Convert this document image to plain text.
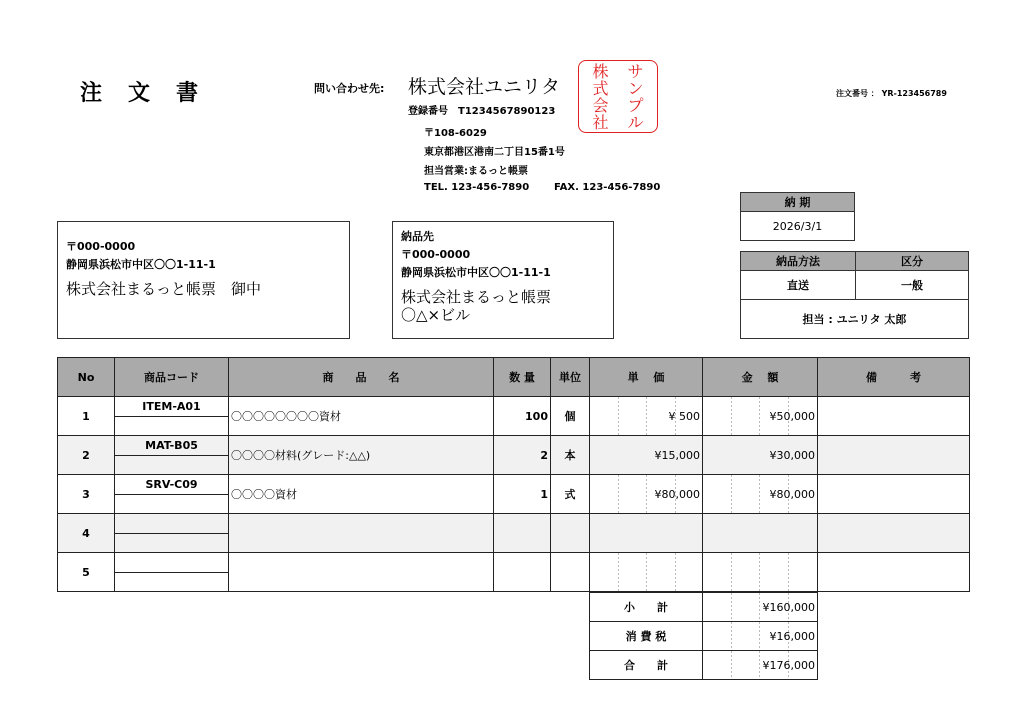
注文書	問い合わせ先: 株式会社ユニリタ
登録番号　T1234567890123
〒108-6029
東京都港区港南二丁目15番1号
担当営業:まるっと帳票
TEL. 123-456-7890 FAX. 123-456-7890
株
式
会
社
サ
ン
プ
ル
注文番号 ： YR-123456789
〒000-0000
静岡県浜松市中区〇〇1-11-1
株式会社まるっと帳票　御中
納品先
〒000-0000
静岡県浜松市中区〇〇1-11-1
株式会社まるっと帳票
〇△×ビル
納 期
2026/3/1
納品方法	区分
直送	一般
担当 : ユニリタ 太郎	
No	商品コード	商　　品　　名	数 量	単位	単　 価	金　 額	備　　　考
1	ITEM-A01	〇〇〇〇〇〇〇〇資材	100	個	¥ 500	¥50,000	
2	MAT-B05	〇〇〇〇材料(グレード:△△)	2	本	¥15,000	¥30,000	
3	SRV-C09	〇〇〇〇資材	1	式	¥80,000	¥80,000	
4	

5	

小　　計	¥160,000
消 費 税	¥16,000
合　　計	¥176,000
